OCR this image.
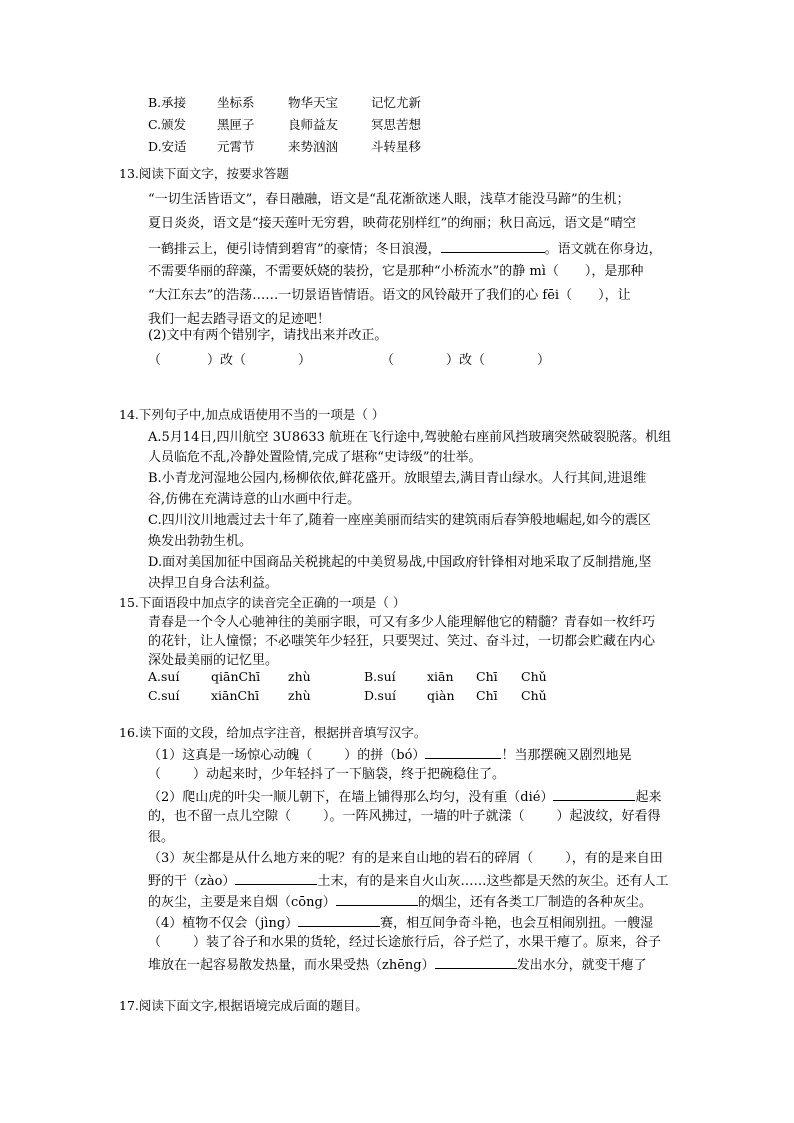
B.承接 坐标系	物华天宝	记忆尤新
C.颁发 黑匣子	良师益友	冥思苦想
D.安适 元霄节	来势汹汹	斗转星移
13.阅读下面文字，按要求答题
“一切生活皆语文”，春日融融，语文是“乱花渐欲迷人眼，浅草才能没马蹄”的生机；
夏日炎炎，语文是“接天莲叶无穷碧，映荷花别样红”的绚丽；秋日高远，语文是“晴空
一鹤排云上，便引诗情到碧宵”的豪情；冬日浪漫，	。语文就在你身边，
不需要华丽的辞藻，不需要妖娆的装扮，它是那种“小桥流水”的静 mì（ ），是那种
“大江东去”的浩荡……一切景语皆情语。语文的风铃敲开了我们的心 fēi（ ），让
我们一起去踏寻语文的足迹吧！
(2)文中有两个错别字，请找出来并改正。
（	）改（	）	（	）改（	）
14.下列句子中,加点成语使用不当的一项是（ ）
A.5月14日,四川航空 3U8633 航班在飞行途中,驾驶舱右座前风挡玻璃突然破裂脱落。机组
人员临危不乱,冷静处置险情,完成了堪称“史诗级”的壮举。
B.小青龙河湿地公园内,杨柳依依,鲜花盛开。放眼望去,满目青山绿水。人行其间,进退维
谷,仿佛在充满诗意的山水画中行走。
C.四川汶川地震过去十年了,随着一座座美丽而结实的建筑雨后春笋般地崛起,如今的震区
焕发出勃勃生机。
D.面对美国加征中国商品关税挑起的中美贸易战,中国政府针锋相对地采取了反制措施,坚
决捍卫自身合法利益。
15.下面语段中加点字的读音完全正确的一项是（ ）
青春是一个令人心驰神往的美丽字眼，可又有多少人能理解他它的精髓？青春如一枚纤巧
的花针，让人憧憬；不必嗤笑年少轻狂，只要哭过、笑过、奋斗过，一切都会贮藏在内心
深处最美丽的记忆里。
A.suí	qiānChī zhù	B.suí	xiān Chī Chǔ
C.suí	xiānChī zhù	D.suí qiàn Chī Chǔ
16.读下面的文段，给加点字注音，根据拼音填写汉字。
（1）这真是一场惊心动魄（ ）的拼（bó）	！当那摆碗又剧烈地晃
（ ）动起来时，少年轻抖了一下脑袋，终于把碗稳住了。
（2）爬山虎的叶尖一顺儿朝下，在墙上铺得那么均匀，没有重（dié）	起来
的，也不留一点儿空隙（ ）。一阵风拂过，一墙的叶子就漾（ ）起波纹，好看得
很。
（3）灰尘都是从什么地方来的呢？有的是来自山地的岩石的碎屑（ ），有的是来自田
野的干（zào）	土末，有的是来自火山灰……这些都是天然的灰尘。还有人工
的灰尘，主要是来自烟（cōng）	的烟尘，还有各类工厂制造的各种灰尘。
（4）植物不仅会（jìng）	赛，相互间争奇斗艳，也会互相闹别扭。一艘湿
（ ）装了谷子和水果的货轮，经过长途旅行后，谷子烂了，水果干瘪了。原来，谷子
堆放在一起容易散发热量，而水果受热（zhēng）	发出水分，就变干瘪了
17.阅读下面文字,根据语境完成后面的题目。
